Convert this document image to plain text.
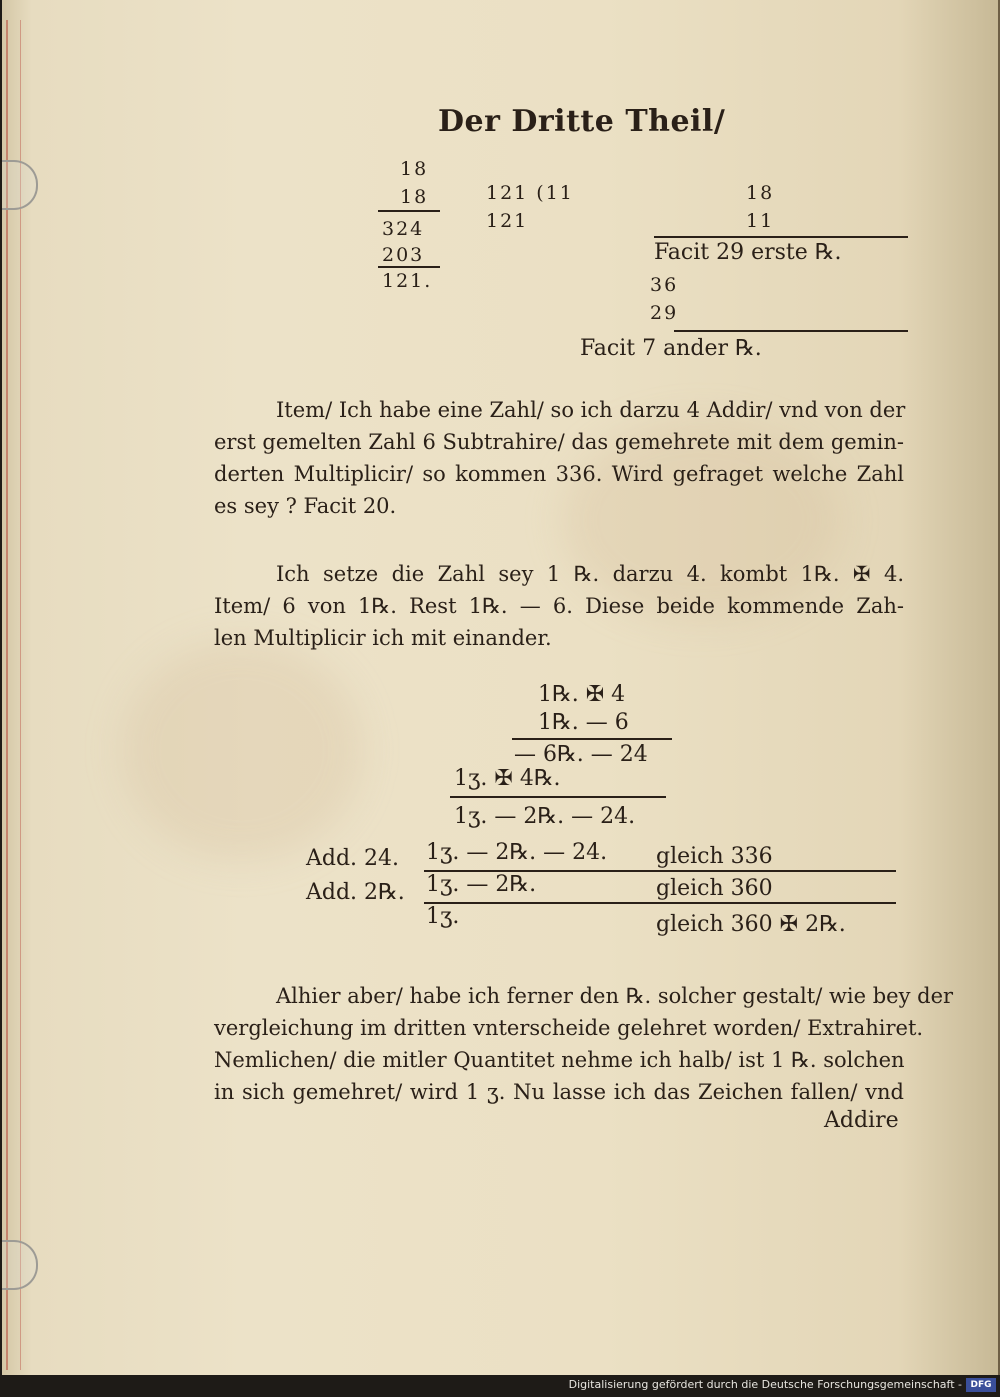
Der Dritte Theil/
18
18
324
203
121.
121 (11
121
18
11
Facit 29 erste ℞.
36
29
Facit 7 ander ℞.
Item/ Ich habe eine Zahl/ so ich darzu 4 Addir/ vnd von der
erst gemelten Zahl 6 Subtrahire/ das gemehrete mit dem gemin-
derten Multiplicir/ so kommen 336. Wird gefraget welche Zahl
es sey ? Facit 20.
Ich setze die Zahl sey 1 ℞. darzu 4. kombt 1℞. ✠ 4.
Item/ 6 von 1℞. Rest 1℞. — 6. Diese beide kommende Zah-
len Multiplicir ich mit einander.
1℞. ✠ 4
1℞. — 6
— 6℞. — 24
1ʒ. ✠ 4℞.
1ʒ. — 2℞. — 24.
Add. 24. 1ʒ. — 2℞. — 24. gleich 336
Add. 2℞. 1ʒ. — 2℞.	gleich 360
1ʒ.	gleich 360 ✠ 2℞.
Alhier aber/ habe ich ferner den ℞. solcher gestalt/ wie bey der
vergleichung im dritten vnterscheide gelehret worden/ Extrahiret.
Nemlichen/ die mitler Quantitet nehme ich halb/ ist 1 ℞. solchen
in sich gemehret/ wird 1 ʒ. Nu lasse ich das Zeichen fallen/ vnd
Addire
Digitalisierung gefördert durch die Deutsche Forschungsgemeinschaft - DFG
